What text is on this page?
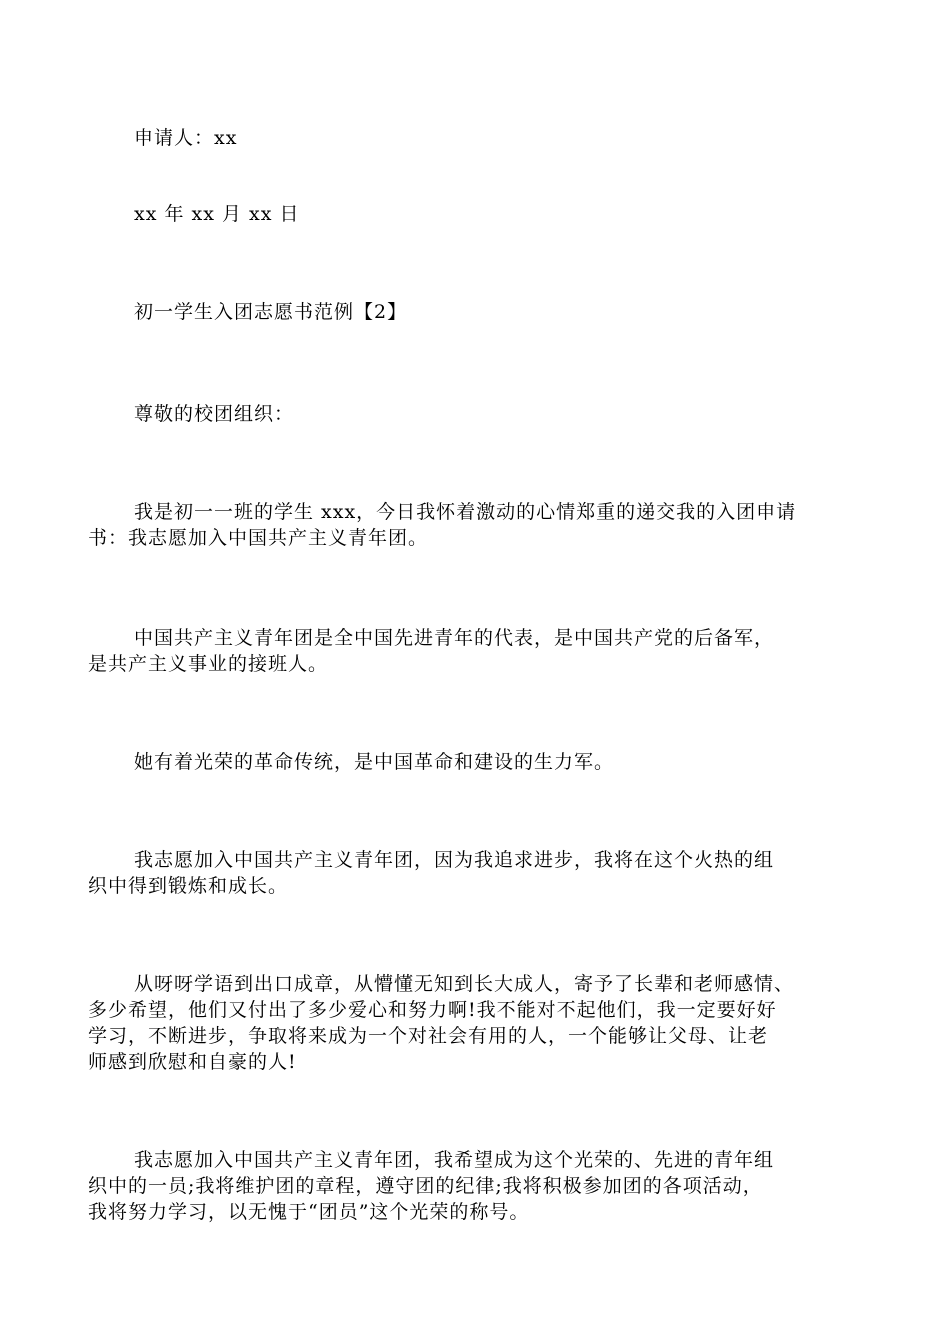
申请人：xx
xx 年 xx 月 xx 日
初一学生入团志愿书范例【2】
尊敬的校团组织：
我是初一一班的学生 xxx，今日我怀着激动的心情郑重的递交我的入团申请
书：我志愿加入中国共产主义青年团。
中国共产主义青年团是全中国先进青年的代表，是中国共产党的后备军，
是共产主义事业的接班人。
她有着光荣的革命传统，是中国革命和建设的生力军。
我志愿加入中国共产主义青年团，因为我追求进步，我将在这个火热的组
织中得到锻炼和成长。
从呀呀学语到出口成章，从懵懂无知到长大成人，寄予了长辈和老师感情、
多少希望，他们又付出了多少爱心和努力啊!我不能对不起他们，我一定要好好
学习，不断进步，争取将来成为一个对社会有用的人，一个能够让父母、让老
师感到欣慰和自豪的人!
我志愿加入中国共产主义青年团，我希望成为这个光荣的、先进的青年组
织中的一员;我将维护团的章程，遵守团的纪律;我将积极参加团的各项活动，
我将努力学习，以无愧于“团员”这个光荣的称号。
